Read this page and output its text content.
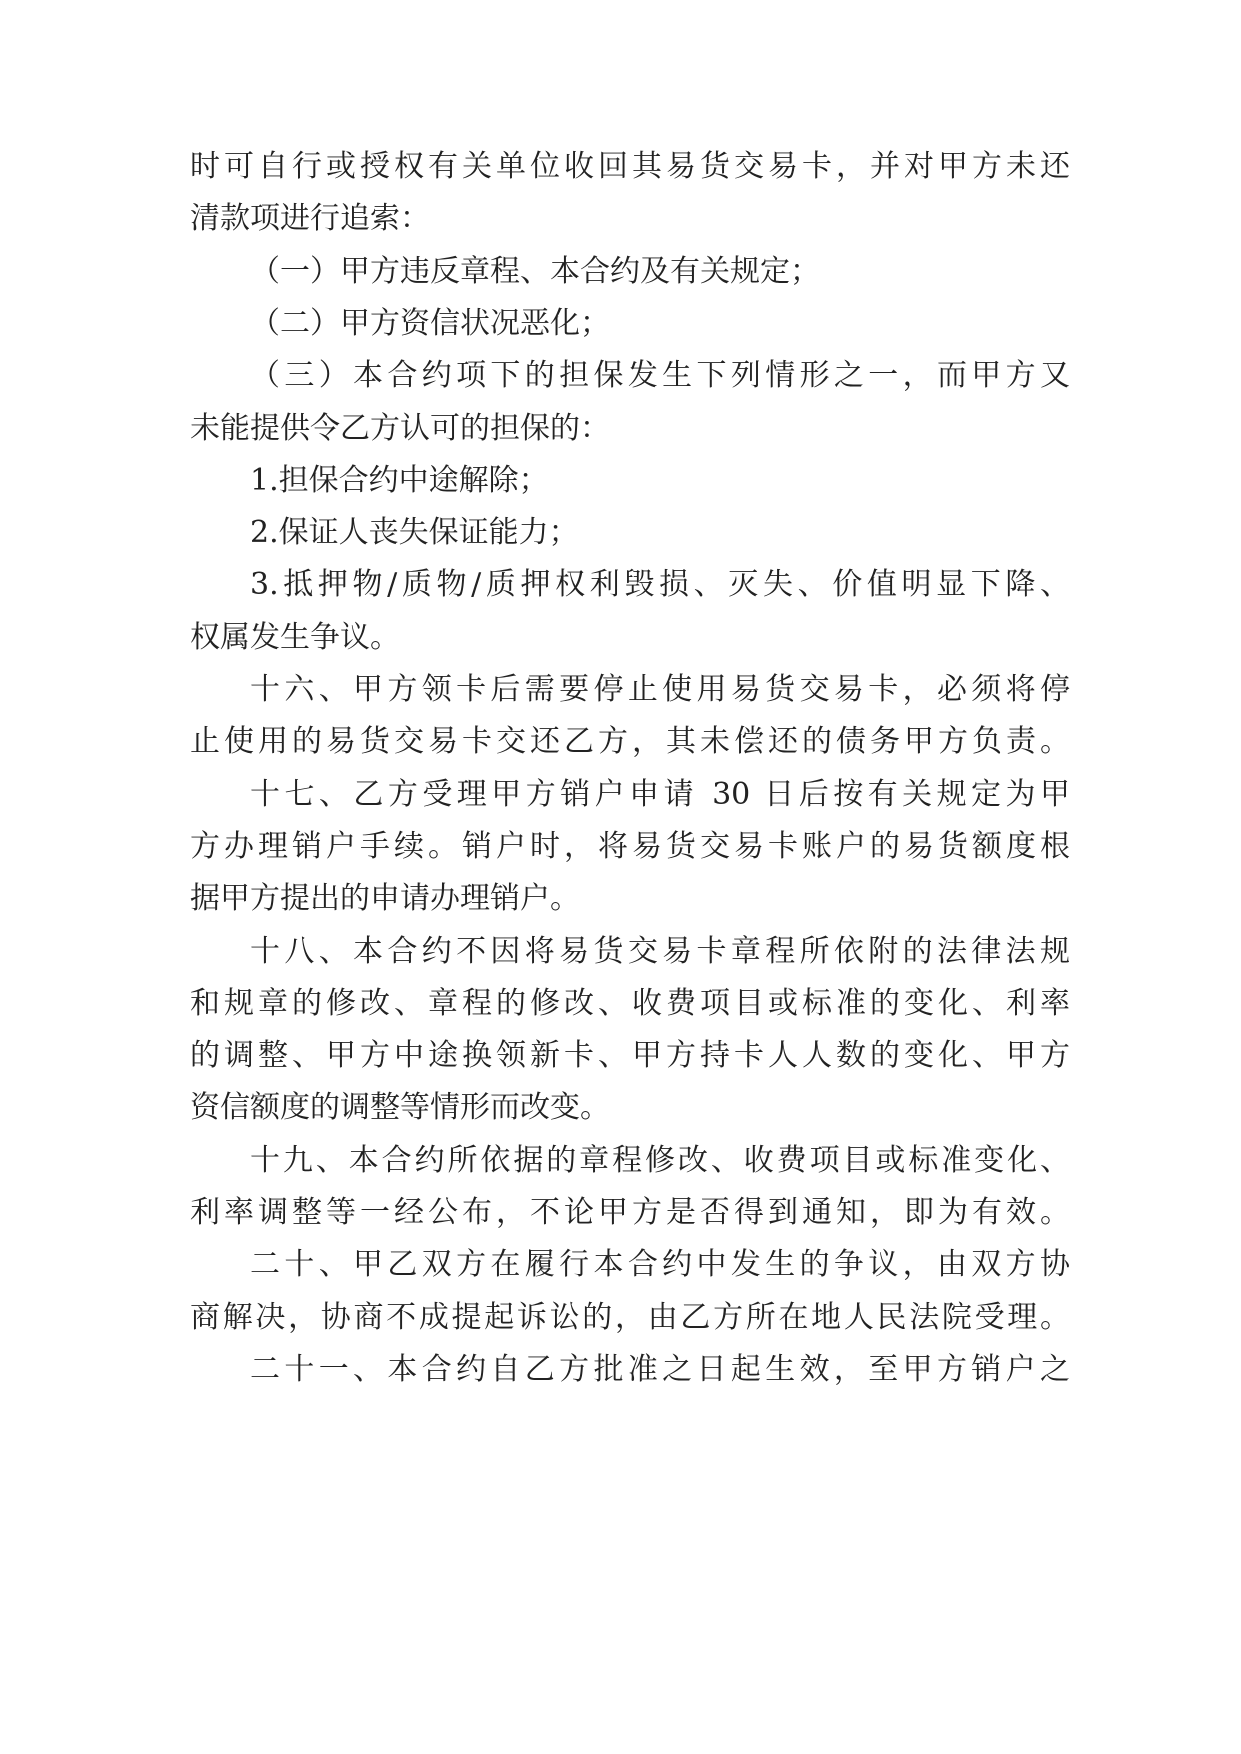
时可自行或授权有关单位收回其易货交易卡，并对甲方未还
清款项进行追索：
（一）甲方违反章程、本合约及有关规定；
（二）甲方资信状况恶化；
（三）本合约项下的担保发生下列情形之一，而甲方又
未能提供令乙方认可的担保的：
1.担保合约中途解除；
2.保证人丧失保证能力；
3.抵押物/质物/质押权利毁损、灭失、价值明显下降、
权属发生争议。
十六、甲方领卡后需要停止使用易货交易卡，必须将停
止使用的易货交易卡交还乙方，其未偿还的债务甲方负责。
十七、乙方受理甲方销户申请 30 日后按有关规定为甲
方办理销户手续。销户时，将易货交易卡账户的易货额度根
据甲方提出的申请办理销户。
十八、本合约不因将易货交易卡章程所依附的法律法规
和规章的修改、章程的修改、收费项目或标准的变化、利率
的调整、甲方中途换领新卡、甲方持卡人人数的变化、甲方
资信额度的调整等情形而改变。
十九、本合约所依据的章程修改、收费项目或标准变化、
利率调整等一经公布，不论甲方是否得到通知，即为有效。
二十、甲乙双方在履行本合约中发生的争议，由双方协
商解决，协商不成提起诉讼的，由乙方所在地人民法院受理。
二十一、本合约自乙方批准之日起生效，至甲方销户之
